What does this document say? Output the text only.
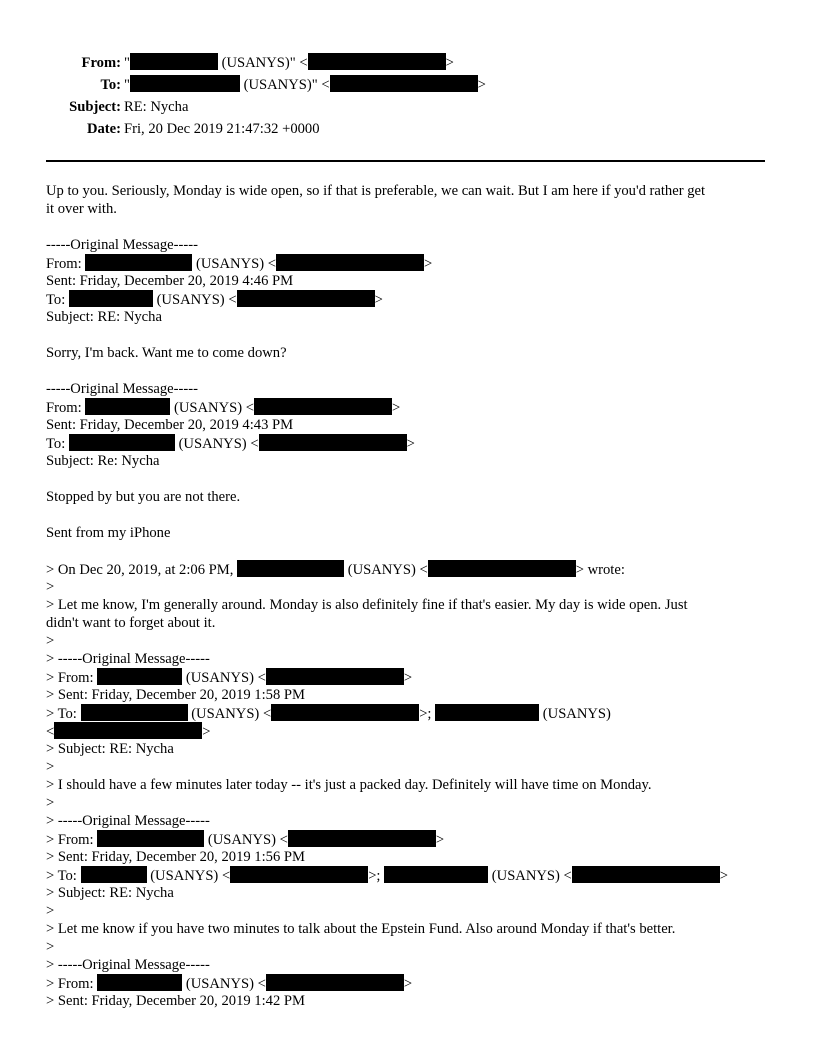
From: "	(USANYS)" <	>
To: "	(USANYS)" <	>
Subject: RE: Nycha
Date: Fri, 20 Dec 2019 21:47:32 +0000
Up to you. Seriously, Monday is wide open, so if that is preferable, we can wait. But I am here if you'd rather get
it over with.
-----Original Message-----
From:	(USANYS) <	>
Sent: Friday, December 20, 2019 4:46 PM
To:	(USANYS) <	>
Subject: RE: Nycha
Sorry, I'm back. Want me to come down?
-----Original Message-----
From:	(USANYS) <	>
Sent: Friday, December 20, 2019 4:43 PM
To:	(USANYS) <	>
Subject: Re: Nycha
Stopped by but you are not there.
Sent from my iPhone
> On Dec 20, 2019, at 2:06 PM,	(USANYS) <	> wrote:
>
> Let me know, I'm generally around. Monday is also definitely fine if that's easier. My day is wide open. Just
didn't want to forget about it.
>
> -----Original Message-----
> From:	(USANYS) <	>
> Sent: Friday, December 20, 2019 1:58 PM
> To:	(USANYS) <	>;	(USANYS)
<	>
> Subject: RE: Nycha
>
> I should have a few minutes later today -- it's just a packed day. Definitely will have time on Monday.
>
> -----Original Message-----
> From:	(USANYS) <	>
> Sent: Friday, December 20, 2019 1:56 PM
> To:	(USANYS) <	>;	(USANYS) <	>
> Subject: RE: Nycha
>
> Let me know if you have two minutes to talk about the Epstein Fund. Also around Monday if that's better.
>
> -----Original Message-----
> From:	(USANYS) <	>
> Sent: Friday, December 20, 2019 1:42 PM
